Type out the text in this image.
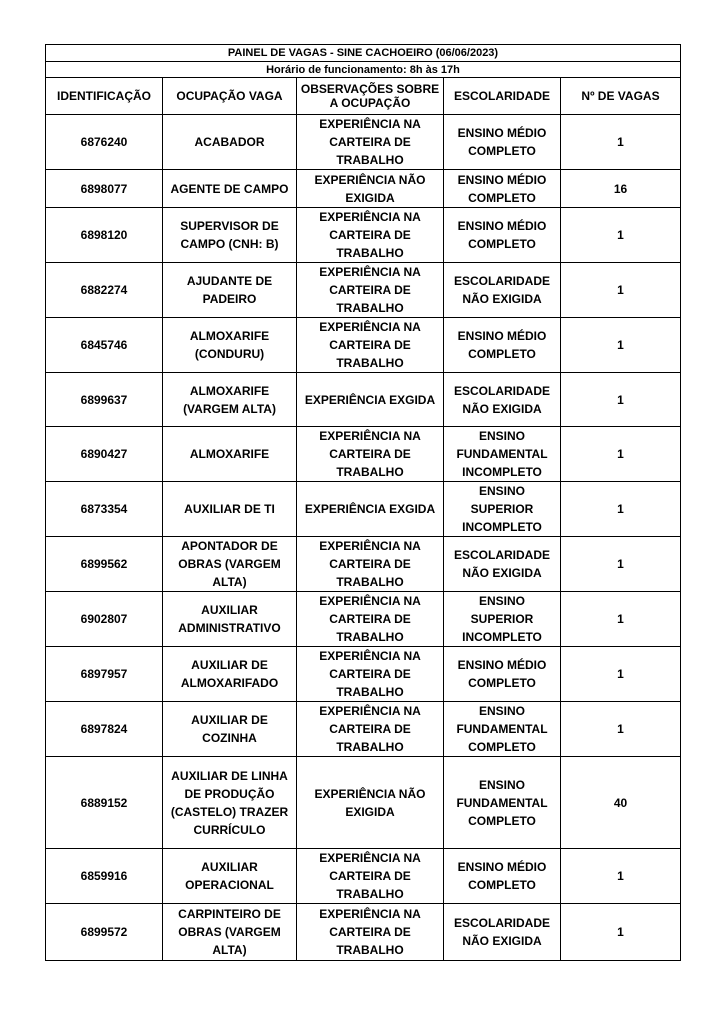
PAINEL DE VAGAS - SINE CACHOEIRO (06/06/2023)				
Horário de funcionamento: 8h às 17h				
IDENTIFICAÇÃO	OCUPAÇÃO VAGA	OBSERVAÇÕES SOBRE A OCUPAÇÃO	ESCOLARIDADE	Nº DE VAGAS
6876240	ACABADOR	EXPERIÊNCIA NA CARTEIRA DE TRABALHO	ENSINO MÉDIO COMPLETO	1
6898077	AGENTE DE CAMPO	EXPERIÊNCIA NÃO EXIGIDA	ENSINO MÉDIO COMPLETO	16
6898120	SUPERVISOR DE CAMPO (CNH: B)	EXPERIÊNCIA NA CARTEIRA DE TRABALHO	ENSINO MÉDIO COMPLETO	1
6882274	AJUDANTE DE PADEIRO	EXPERIÊNCIA NA CARTEIRA DE TRABALHO	ESCOLARIDADE NÃO EXIGIDA	1
6845746	ALMOXARIFE (CONDURU)	EXPERIÊNCIA NA CARTEIRA DE TRABALHO	ENSINO MÉDIO COMPLETO	1
6899637	ALMOXARIFE (VARGEM ALTA)	EXPERIÊNCIA EXGIDA	ESCOLARIDADE NÃO EXIGIDA	1
6890427	ALMOXARIFE	EXPERIÊNCIA NA CARTEIRA DE TRABALHO	ENSINO FUNDAMENTAL INCOMPLETO	1
6873354	AUXILIAR DE TI	EXPERIÊNCIA EXGIDA	ENSINO SUPERIOR INCOMPLETO	1
6899562	APONTADOR DE OBRAS (VARGEM ALTA)	EXPERIÊNCIA NA CARTEIRA DE TRABALHO	ESCOLARIDADE NÃO EXIGIDA	1
6902807	AUXILIAR ADMINISTRATIVO	EXPERIÊNCIA NA CARTEIRA DE TRABALHO	ENSINO SUPERIOR INCOMPLETO	1
6897957	AUXILIAR DE ALMOXARIFADO	EXPERIÊNCIA NA CARTEIRA DE TRABALHO	ENSINO MÉDIO COMPLETO	1
6897824	AUXILIAR DE COZINHA	EXPERIÊNCIA NA CARTEIRA DE TRABALHO	ENSINO FUNDAMENTAL COMPLETO	1
6889152	AUXILIAR DE LINHA DE PRODUÇÃO (CASTELO) TRAZER CURRÍCULO	EXPERIÊNCIA NÃO EXIGIDA	ENSINO FUNDAMENTAL COMPLETO	40
6859916	AUXILIAR OPERACIONAL	EXPERIÊNCIA NA CARTEIRA DE TRABALHO	ENSINO MÉDIO COMPLETO	1
6899572	CARPINTEIRO DE OBRAS (VARGEM ALTA)	EXPERIÊNCIA NA CARTEIRA DE TRABALHO	ESCOLARIDADE NÃO EXIGIDA	1
